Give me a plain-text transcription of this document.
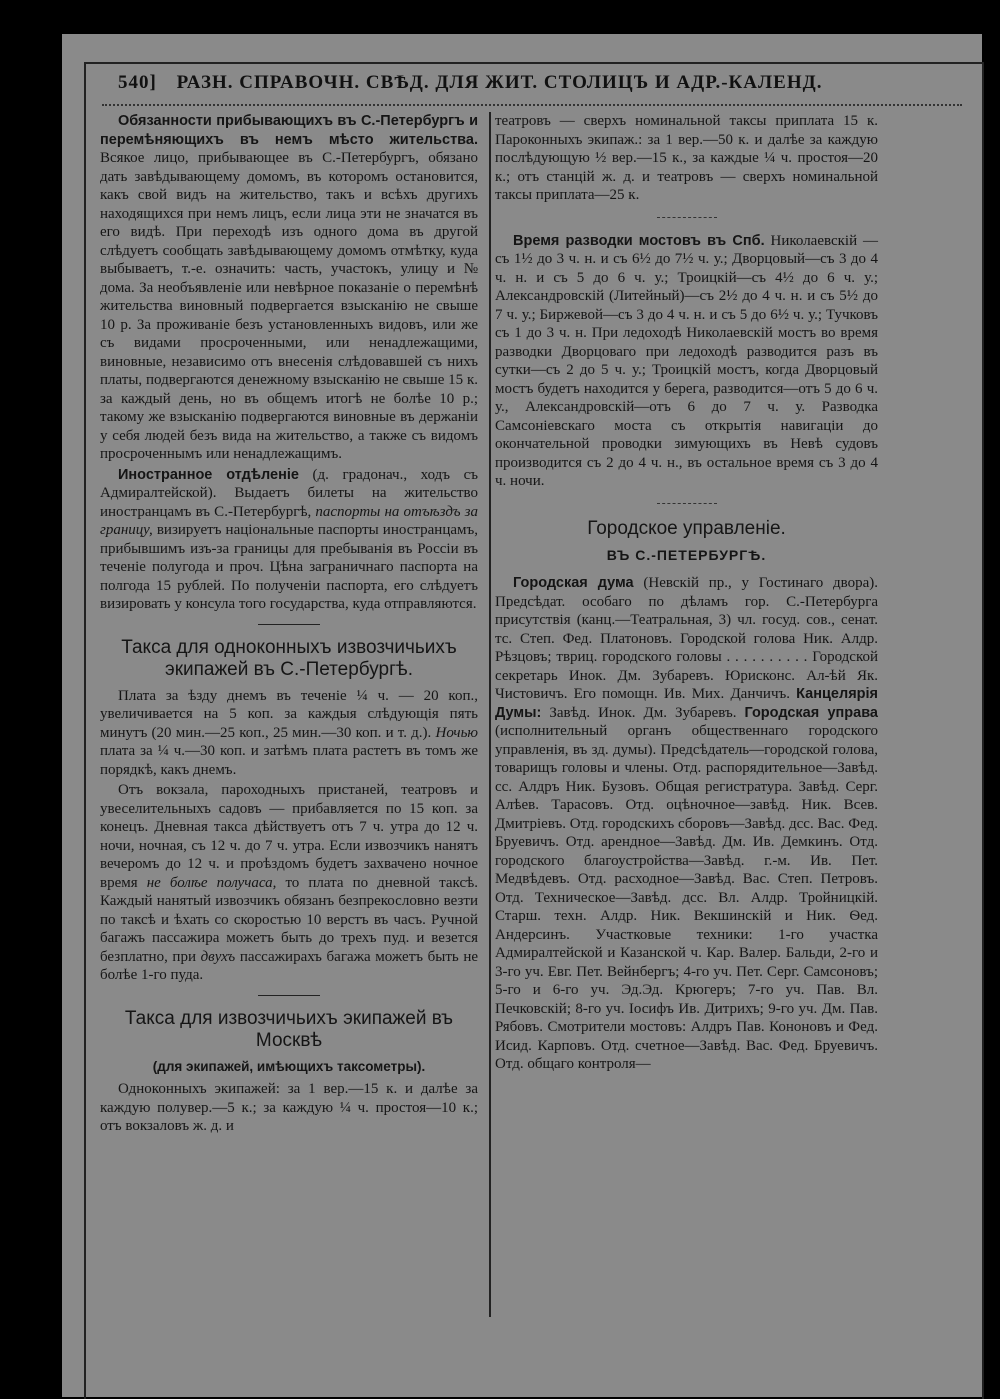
540] РАЗН. СПРАВОЧН. СВѢД. ДЛЯ ЖИТ. СТОЛИЦЪ И АДР.-КАЛЕНД.

Обязанности прибывающихъ въ С.-Петербургъ и перемѣняющихъ въ немъ мѣсто жительства. Всякое лицо, прибывающее въ С.-Петербургъ, обязано дать завѣдывающему домомъ, въ которомъ остановится, какъ свой видъ на жительство, такъ и всѣхъ другихъ находящихся при немъ лицъ, если лица эти не значатся въ его видѣ. При переходѣ изъ одного дома въ другой слѣдуетъ сообщать завѣдывающему домомъ отмѣтку, куда выбываетъ, т.-е. означить: часть, участокъ, улицу и № дома. За необъявленіе или невѣрное показаніе о перемѣнѣ жительства виновный подвергается взысканію не свыше 10 р. За проживаніе безъ установленныхъ видовъ, или же съ видами просроченными, или ненадлежащими, виновные, независимо отъ внесенія слѣдовавшей съ нихъ платы, подвергаются денежному взысканію не свыше 15 к. за каждый день, но въ общемъ итогѣ не болѣе 10 р.; такому же взысканію подвергаются виновные въ держаніи у себя людей безъ вида на жительство, а также съ видомъ просроченнымъ или ненадлежащимъ.

Иностранное отдѣленіе (д. градонач., ходъ съ Адмиралтейской). Выдаетъ билеты на жительство иностранцамъ въ С.-Петербургѣ, паспорты на отъѣздъ за границу, визируетъ національные паспорты иностранцамъ, прибывшимъ изъ-за границы для пребыванія въ Россіи въ теченіе полугода и проч. Цѣна заграничнаго паспорта на полгода 15 рублей. По полученіи паспорта, его слѣдуетъ визировать у консула того государства, куда отправляются.

Такса для одноконныхъ извозчичьихъ экипажей въ С.-Петербургѣ.

Плата за ѣзду днемъ въ теченіе ¼ ч. — 20 коп., увеличивается на 5 коп. за каждыя слѣдующія пять минутъ (20 мин.—25 коп., 25 мин.—30 коп. и т. д.). Ночью плата за ¼ ч.—30 коп. и затѣмъ плата растетъ въ томъ же порядкѣ, какъ днемъ.

Отъ вокзала, пароходныхъ пристаней, театровъ и увеселительныхъ садовъ — прибавляется по 15 коп. за конецъ. Дневная такса дѣйствуетъ отъ 7 ч. утра до 12 ч. ночи, ночная, съ 12 ч. до 7 ч. утра. Если извозчикъ нанятъ вечеромъ до 12 ч. и проѣздомъ будетъ захвачено ночное время не болѣе получаса, то плата по дневной таксѣ. Каждый нанятый извозчикъ обязанъ безпрекословно везти по таксѣ и ѣхать со скоростью 10 верстъ въ часъ. Ручной багажъ пассажира можетъ быть до трехъ пуд. и везется безплатно, при двухъ пассажирахъ багажа можетъ быть не болѣе 1-го пуда.

Такса для извозчичьихъ экипажей въ Москвѣ
(для экипажей, имѣющихъ таксометры).

Одноконныхъ экипажей: за 1 вер.—15 к. и далѣе за каждую полувер.—5 к.; за каждую ¼ ч. простоя—10 к.; отъ вокзаловъ ж. д. и

театровъ — сверхъ номинальной таксы приплата 15 к. Пароконныхъ экипаж.: за 1 вер.—50 к. и далѣе за каждую послѣдующую ½ вер.—15 к., за каждые ¼ ч. простоя—20 к.; отъ станцій ж. д. и театровъ — сверхъ номинальной таксы приплата—25 к.

Время разводки мостовъ въ Спб. Николаевскій — съ 1½ до 3 ч. н. и съ 6½ до 7½ ч. у.; Дворцовый—съ 3 до 4 ч. н. и съ 5 до 6 ч. у.; Троицкій—съ 4½ до 6 ч. у.; Александровскій (Литейный)—съ 2½ до 4 ч. н. и съ 5½ до 7 ч. у.; Биржевой—съ 3 до 4 ч. н. и съ 5 до 6½ ч. у.; Тучковъ съ 1 до 3 ч. н. При ледоходѣ Николаевскій мостъ во время разводки Дворцоваго при ледоходѣ разводится разъ въ сутки—съ 2 до 5 ч. у.; Троицкій мостъ, когда Дворцовый мостъ будетъ находится у берега, разводится—отъ 5 до 6 ч. у., Александровскій—отъ 6 до 7 ч. у. Разводка Самсоніевскаго моста съ открытія навигаціи до окончательной проводки зимующихъ въ Невѣ судовъ производится съ 2 до 4 ч. н., въ остальное время съ 3 до 4 ч. ночи.

Городское управленіе.
ВЪ С.-ПЕТЕРБУРГѢ.

Городская дума (Невскій пр., у Гостинаго двора). Предсѣдат. особаго по дѣламъ гор. С.-Петербурга присутствія (канц.—Театральная, 3) чл. госуд. сов., сенат. тс. Степ. Фед. Платоновъ. Городской голова Ник. Алдр. Рѣзцовъ; твриц. городского головы . . . . . . . . . . Городской секретарь Инок. Дм. Зубаревъ. Юрисконс. Ал-ѣй Як. Чистовичъ. Его помощн. Ив. Мих. Данчичъ. Канцелярія Думы: Завѣд. Инок. Дм. Зубаревъ. Городская управа (исполнительный органъ общественнаго городского управленія, въ зд. думы). Предсѣдатель—городской голова, товарищъ головы и члены. Отд. распорядительное—Завѣд. сс. Алдръ Ник. Бузовъ. Общая регистратура. Завѣд. Серг. Алѣев. Тарасовъ. Отд. оцѣночное—завѣд. Ник. Всев. Дмитріевъ. Отд. городскихъ сборовъ—Завѣд. дсс. Вас. Фед. Бруевичъ. Отд. арендное—Завѣд. Дм. Ив. Демкинъ. Отд. городского благоустройства—Завѣд. г.-м. Ив. Пет. Медвѣдевъ. Отд. расходное—Завѣд. Вас. Степ. Петровъ. Отд. Техническое—Завѣд. дсс. Вл. Алдр. Тройницкій. Старш. техн. Алдр. Ник. Векшинскій и Ник. Ѳед. Андерсинъ. Участковые техники: 1-го участка Адмиралтейской и Казанской ч. Кар. Валер. Бальди, 2-го и 3-го уч. Евг. Пет. Вейнбергъ; 4-го уч. Пет. Серг. Самсоновъ; 5-го и 6-го уч. Эд.Эд. Крюгеръ; 7-го уч. Пав. Вл. Печковскій; 8-го уч. Іосифъ Ив. Дитрихъ; 9-го уч. Дм. Пав. Рябовъ. Смотрители мостовъ: Алдръ Пав. Кононовъ и Фед. Исид. Карповъ. Отд. счетное—Завѣд. Вас. Фед. Бруевичъ. Отд. общаго контроля—
